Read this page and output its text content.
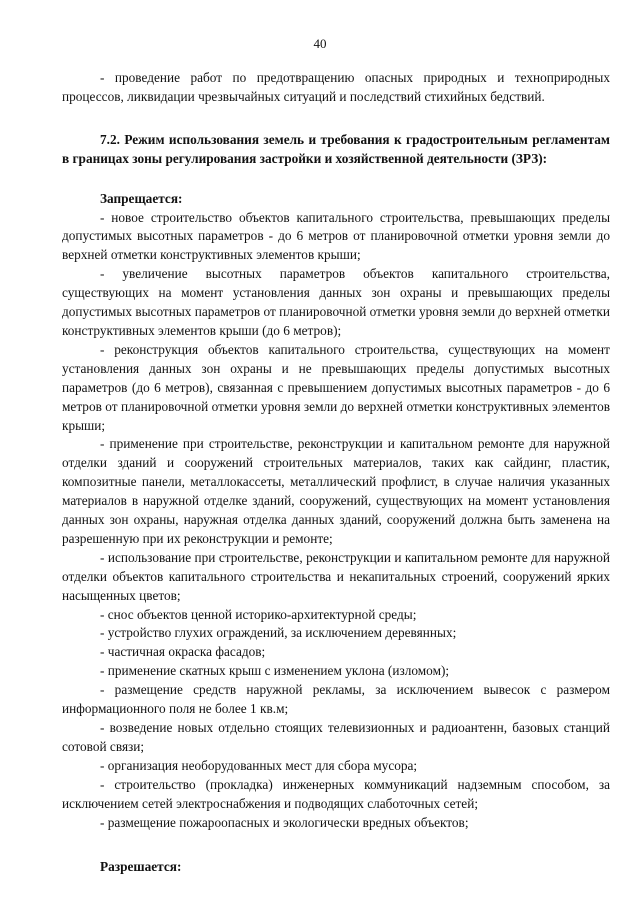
40

- проведение работ по предотвращению опасных природных и техноприродных процессов, ликвидации чрезвычайных ситуаций и последствий стихийных бедствий.

7.2. Режим использования земель и требования к градостроительным регламентам в границах зоны регулирования застройки и хозяйственной деятельности (ЗРЗ):

Запрещается:

- новое строительство объектов капитального строительства, превышающих пределы допустимых высотных параметров - до 6 метров от планировочной отметки уровня земли до верхней отметки конструктивных элементов крыши;
- увеличение высотных параметров объектов капитального строительства, существующих на момент установления данных зон охраны и превышающих пределы допустимых высотных параметров от планировочной отметки уровня земли до верхней отметки конструктивных элементов крыши (до 6 метров);
- реконструкция объектов капитального строительства, существующих на момент установления данных зон охраны и не превышающих пределы допустимых высотных параметров (до 6 метров), связанная с превышением допустимых высотных параметров - до 6 метров от планировочной отметки уровня земли до верхней отметки конструктивных элементов крыши;
- применение при строительстве, реконструкции и капитальном ремонте для наружной отделки зданий и сооружений строительных материалов, таких как сайдинг, пластик, композитные панели, металлокассеты, металлический профлист, в случае наличия указанных материалов в наружной отделке зданий, сооружений, существующих на момент установления данных зон охраны, наружная отделка данных зданий, сооружений должна быть заменена на разрешенную при их реконструкции и ремонте;
- использование при строительстве, реконструкции и капитальном ремонте для наружной отделки объектов капитального строительства и некапитальных строений, сооружений ярких насыщенных цветов;
- снос объектов ценной историко-архитектурной среды;
- устройство глухих ограждений, за исключением деревянных;
- частичная окраска фасадов;
- применение скатных крыш с изменением уклона (изломом);
- размещение средств наружной рекламы, за исключением вывесок с размером информационного поля не более 1 кв.м;
- возведение новых отдельно стоящих телевизионных и радиоантенн, базовых станций сотовой связи;
- организация необорудованных мест для сбора мусора;
- строительство (прокладка) инженерных коммуникаций надземным способом, за исключением сетей электроснабжения и подводящих слаботочных сетей;
- размещение пожароопасных и экологически вредных объектов;

Разрешается:
